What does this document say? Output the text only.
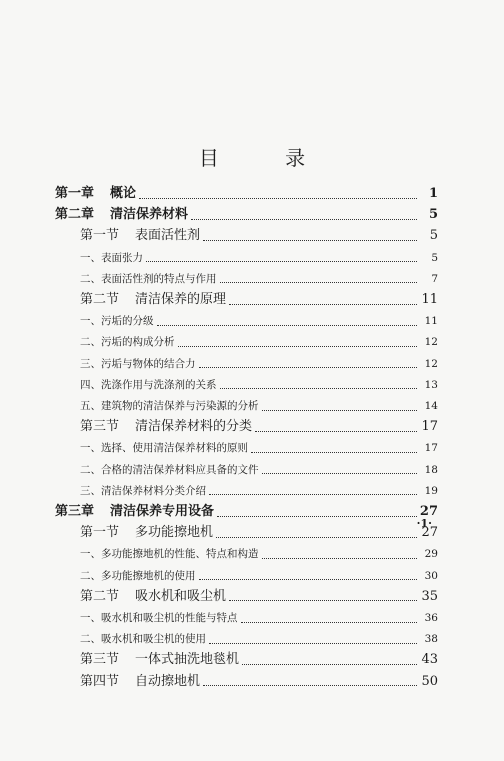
目 录
第一章 概论	1
第二章 清洁保养材料	5
第一节 表面活性剂	5
一、表面张力	5
二、表面活性剂的特点与作用	7
第二节 清洁保养的原理	11
一、污垢的分级	11
二、污垢的构成分析	12
三、污垢与物体的结合力	12
四、洗涤作用与洗涤剂的关系	13
五、建筑物的清洁保养与污染源的分析	14
第三节 清洁保养材料的分类	17
一、选择、使用清洁保养材料的原则	17
二、合格的清洁保养材料应具备的文件	18
三、清洁保养材料分类介绍	19
第三章 清洁保养专用设备	27
第一节 多功能擦地机	27
一、多功能擦地机的性能、特点和构造	29
二、多功能擦地机的使用	30
第二节 吸水机和吸尘机	35
一、吸水机和吸尘机的性能与特点	36
二、吸水机和吸尘机的使用	38
第三节 一体式抽洗地毯机	43
第四节 自动擦地机	50
·1·
